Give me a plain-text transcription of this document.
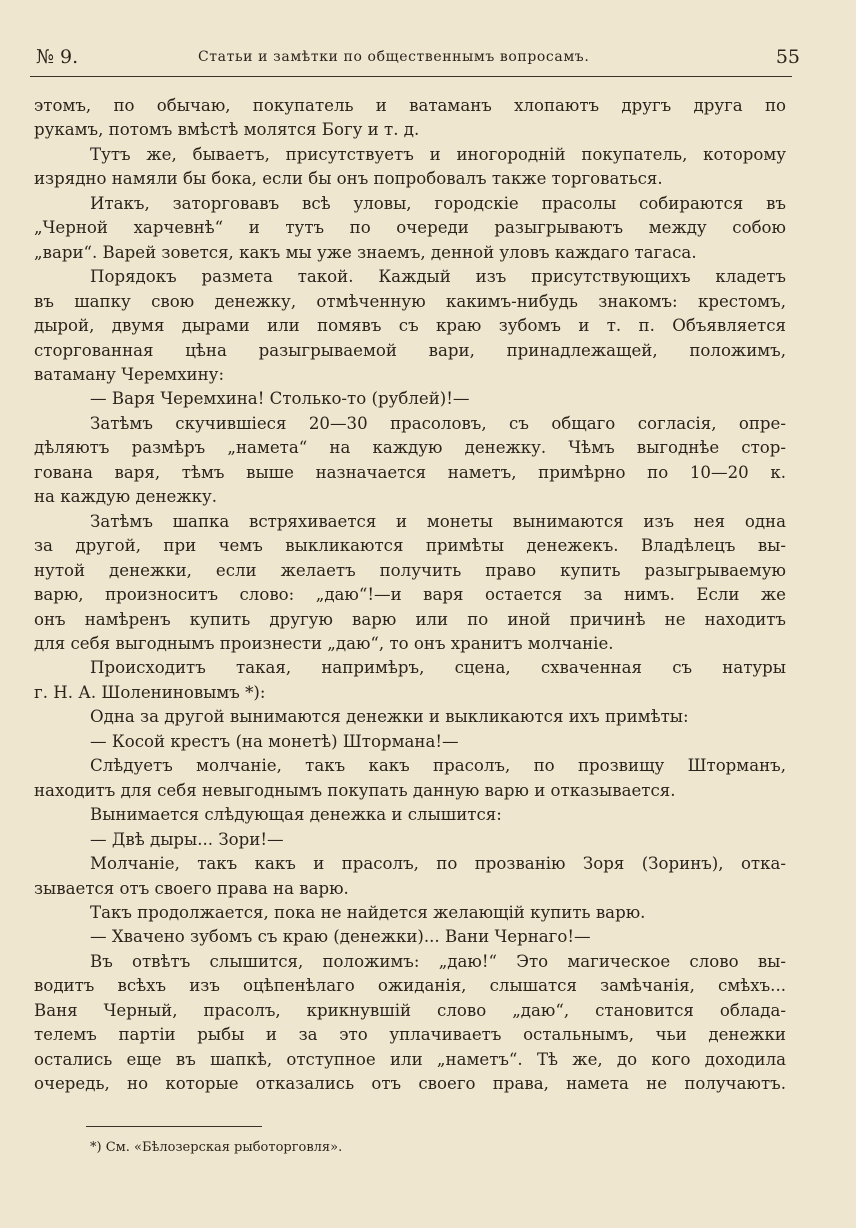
№ 9.	Статьи и замѣтки по общественнымъ вопросамъ.	55

этомъ, по обычаю, покупатель и ватаманъ хлопаютъ другъ друга по

рукамъ, потомъ вмѣстѣ молятся Богу и т. д.

Тутъ же, бываетъ, присутствуетъ и иногородній покупатель, которому

изрядно намяли бы бока, если бы онъ попробовалъ также торговаться.

Итакъ, заторговавъ всѣ уловы, городскіе прасолы собираются въ

„Черной харчевнѣ“ и тутъ по очереди разыгрываютъ между собою

„вари“. Варей зовется, какъ мы уже знаемъ, денной уловъ каждаго тагаса.

Порядокъ размета такой. Каждый изъ присутствующихъ кладетъ

въ шапку свою денежку, отмѣченную какимъ-нибудь знакомъ: крестомъ,

дырой, двумя дырами или помявъ съ краю зубомъ и т. п. Объявляется

сторгованная цѣна разыгрываемой вари, принадлежащей, положимъ,

ватаману Черемхину:

— Варя Черемхина! Столько-то (рублей)!—

Затѣмъ скучившіеся 20—30 прасоловъ, съ общаго согласія, опре-

дѣляютъ размѣръ „намета“ на каждую денежку. Чѣмъ выгоднѣе стор-

гована варя, тѣмъ выше назначается наметъ, примѣрно по 10—20 к.

на каждую денежку.

Затѣмъ шапка встряхивается и монеты вынимаются изъ нея одна

за другой, при чемъ выкликаются примѣты денежекъ. Владѣлецъ вы-

нутой денежки, если желаетъ получить право купить разыгрываемую

варю, произноситъ слово: „даю“!—и варя остается за нимъ. Если же

онъ намѣренъ купить другую варю или по иной причинѣ не находитъ

для себя выгоднымъ произнести „даю“, то онъ хранитъ молчаніе.

Происходитъ такая, напримѣръ, сцена, схваченная съ натуры

г. Н. А. Шолениновымъ *):

Одна за другой вынимаются денежки и выкликаются ихъ примѣты:

— Косой крестъ (на монетѣ) Штормана!—

Слѣдуетъ молчаніе, такъ какъ прасолъ, по прозвищу Шторманъ,

находитъ для себя невыгоднымъ покупать данную варю и отказывается.

Вынимается слѣдующая денежка и слышится:

— Двѣ дыры... Зори!—

Молчаніе, такъ какъ и прасолъ, по прозванію Зоря (Зоринъ), отка-

зывается отъ своего права на варю.

Такъ продолжается, пока не найдется желающій купить варю.

— Хвачено зубомъ съ краю (денежки)... Вани Чернаго!—

Въ отвѣтъ слышится, положимъ: „даю!“ Это магическое слово вы-

водитъ всѣхъ изъ оцѣпенѣлаго ожиданія, слышатся замѣчанія, смѣхъ...

Ваня Черный, прасолъ, крикнувшій слово „даю“, становится облада-

телемъ партіи рыбы и за это уплачиваетъ остальнымъ, чьи денежки

остались еще въ шапкѣ, отступное или „наметъ“. Тѣ же, до кого доходила

очередь, но которые отказались отъ своего права, намета не получаютъ.

*) См. «Бѣлозерская рыботорговля».
